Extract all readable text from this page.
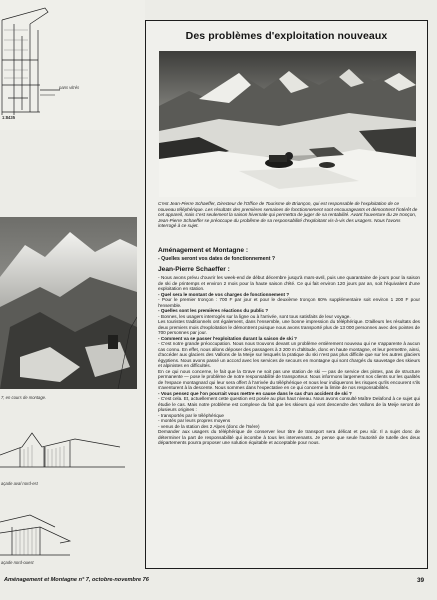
pans vitrés
1:8435
7, en cours de montage.
açade aval nord-est
açade nord-ouest
Des problèmes d'exploitation nouveaux
C'est Jean-Pierre Schaeffer, Directeur de l'Office de Tourisme de Briançon, qui est responsable de l'exploitation de ce nouveau téléphérique. Les résultats des premières semaines de fonctionnement sont encourageants et démontrent l'intérêt de cet appareil, mais c'est seulement la saison hivernale qui permettra de juger de sa rentabilité. Avant l'ouverture du 2e tronçon, Jean-Pierre Schaeffer se préoccupe du problème de sa responsabilité d'exploitant vis-à-vis des usagers. Nous l'avons interrogé à ce sujet.
Aménagement et Montagne :
- Quelles seront vos dates de fonctionnement ?
Jean-Pierre Schaeffer :

- Nous avons prévu d'ouvrir les week-end de début décembre jusqu'à mars-avril, puis une quarantaine de jours pour la saison de ski de printemps et environ 2 mois pour la haute saison d'été. Ce qui fait environ 120 jours par an, soit l'équivalent d'une exploitation en station.

- Quel sera le montant de vos charges de fonctionnement ?

- Pour le premier tronçon : 700 F par jour et pour le deuxième tronçon 60% supplémentaire soit environ 1 200 F pour l'ensemble.

- Quelles sont les premières réactions du public ?

- Bonnes, les usagers interrogés sur la ligne ou à l'arrivée, sont tous satisfaits de leur voyage.

Les touristes traditionnels ont également, dans l'ensemble, une bonne impression du téléphérique. D'ailleurs les résultats des deux premiers mois d'exploitation le démontrent puisque nous avons transporté plus de 13 000 personnes avec des pointes de 700 personnes par jour.

- Comment va se passer l'exploitation durant la saison de ski ?

- C'est notre grande préoccupation. Nous nous trouvons devant un problème entièrement nouveau qui ne s'apparente à aucun cas connu. En effet, nous allons déposer des passagers à 3 200 m d'altitude, donc en haute montagne, et leur permettre, ainsi, d'accéder aux glaciers des Vallons de la Meije sur lesquels la pratique du ski n'est pas plus difficile que sur les autres glaciers égyptiens. Nous avons passé un accord avec les services de secours en montagne qui sont chargés du sauvetage des skieurs et alpinistes en difficultés.

En ce qui nous concerne, le fait que la Grave ne soit pas une station de ski — pas de service des pistes, pas de structure permanente — pose le problème de notre responsabilité de transporteur. Nous informons largement nos clients sur les qualités de l'espace montagnard qui leur sera offert à l'arrivée du téléphérique et nous leur indiquerons les risques qu'ils encourent s'ils s'aventurent à la descente. Nous sommes dans l'expectative en ce qui concerne la limite de nos responsabilités.

- Vous pensez que l'on pourrait vous mettre en cause dans le cas d'un accident de ski ?

- C'est cela. Et, actuellement cette question est posée au plus haut niveau. Nous avons consulté Maître Delafond à ce sujet qui étudie le cas. Mais notre problème est complexe du fait que les skieurs qui vont descendre des Vallons de la Meije seront de plusieurs origines :

- transportés par le téléphérique

- montés par leurs propres moyens

- venus de la station des 2 Alpes (donc de l'Isère)

Demander aux usagers du téléphérique de conserver leur titre de transport sera délicat et peu sûr. Il a sujet donc de déterminer la part de responsabilité qui incombe à tous les intervenants. Je pense que seule l'autorité de tutelle des deux départements pourra proposer une solution équitable et acceptable pour nous.

Aménagement et Montagne n° 7, octobre-novembre 76	39
